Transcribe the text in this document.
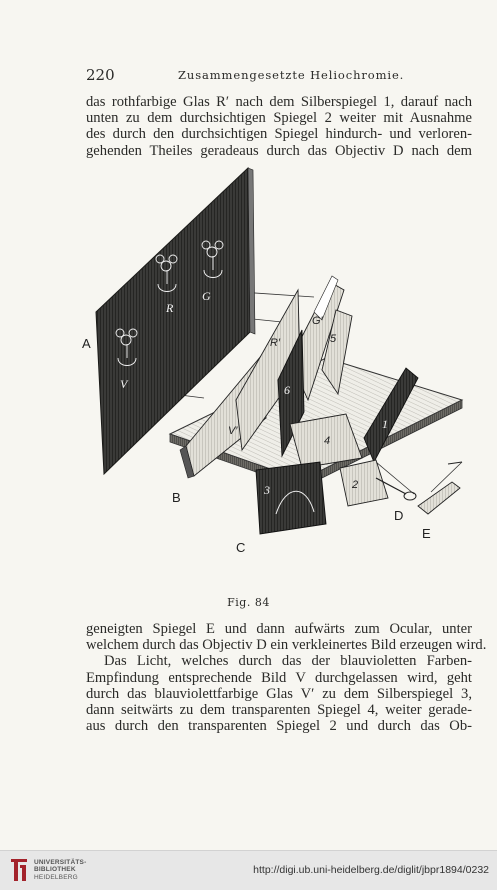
220	Zusammengesetzte Heliochromie.
das rothfarbige Glas R′ nach dem Silberspiegel 1, darauf nach
unten zu dem durchsichtigen Spiegel 2 weiter mit Ausnahme
des durch den durchsichtigen Spiegel hindurch- und verloren-
gehenden Theiles geradeaus durch das Objectiv D nach dem
R
G
V
R′
G′
V′
6
5
1
4
2
3
A
B
C
D
E
Fig. 84
geneigten Spiegel E und dann aufwärts zum Ocular, unter
welchem durch das Objectiv D ein verkleinertes Bild erzeugen wird.
Das Licht, welches durch das der blauvioletten Farben-
Empfindung entsprechende Bild V durchgelassen wird, geht
durch das blauviolettfarbige Glas V′ zu dem Silberspiegel 3,
dann seitwärts zu dem transparenten Spiegel 4, weiter gerade-
aus durch den transparenten Spiegel 2 und durch das Ob-
UNIVERSITÄTS-
BIBLIOTHEK
HEIDELBERG
http://digi.ub.uni-heidelberg.de/diglit/jbpr1894/0232
